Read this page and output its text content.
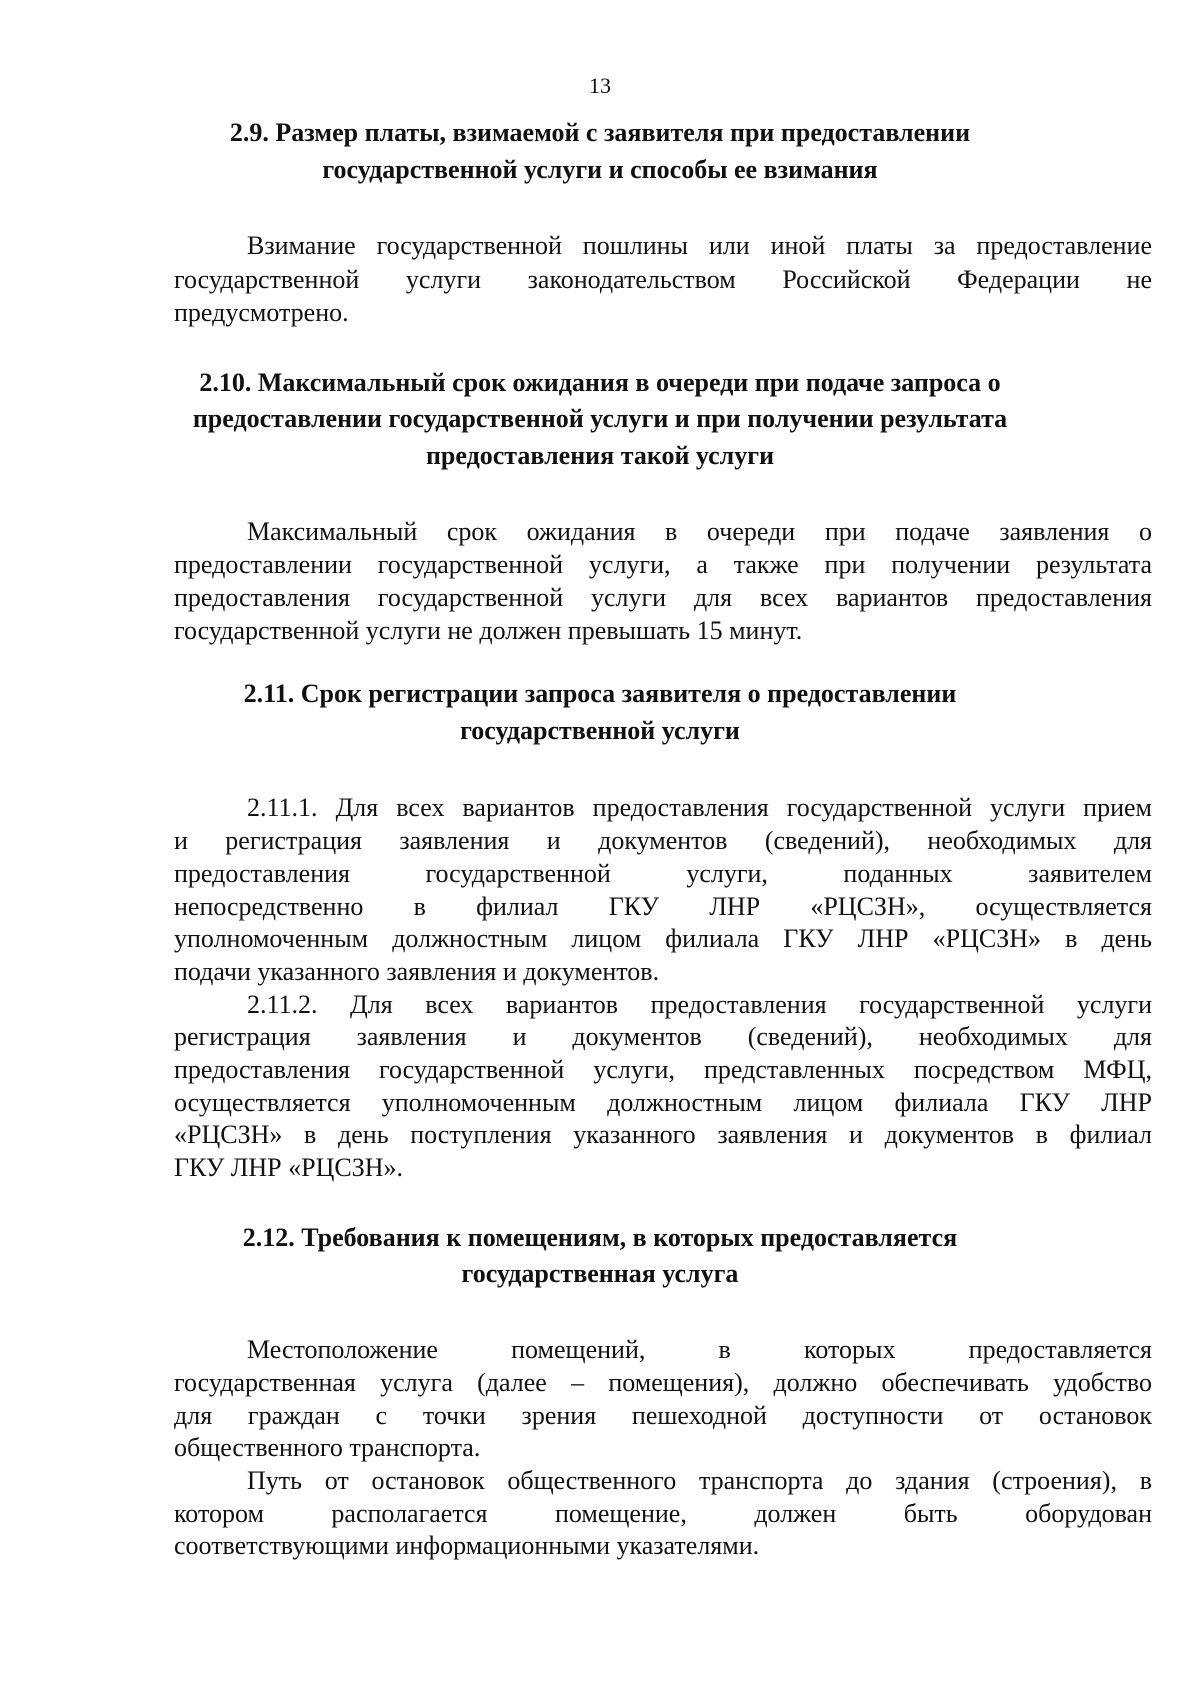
13
2.9. Размер платы, взимаемой с заявителя при предоставлении
государственной услуги и способы ее взимания
Взимание государственной пошлины или иной платы за предоставление
государственной услуги законодательством Российской Федерации не
предусмотрено.
2.10. Максимальный срок ожидания в очереди при подаче запроса о
предоставлении государственной услуги и при получении результата
предоставления такой услуги
Максимальный срок ожидания в очереди при подаче заявления о
предоставлении государственной услуги, а также при получении результата
предоставления государственной услуги для всех вариантов предоставления
государственной услуги не должен превышать 15 минут.
2.11. Срок регистрации запроса заявителя о предоставлении
государственной услуги
2.11.1. Для всех вариантов предоставления государственной услуги прием
и регистрация заявления и документов (сведений), необходимых для
предоставления государственной услуги, поданных заявителем
непосредственно в филиал ГКУ ЛНР «РЦСЗН», осуществляется
уполномоченным должностным лицом филиала ГКУ ЛНР «РЦСЗН» в день
подачи указанного заявления и документов.
2.11.2. Для всех вариантов предоставления государственной услуги
регистрация заявления и документов (сведений), необходимых для
предоставления государственной услуги, представленных посредством МФЦ,
осуществляется уполномоченным должностным лицом филиала ГКУ ЛНР
«РЦСЗН» в день поступления указанного заявления и документов в филиал
ГКУ ЛНР «РЦСЗН».
2.12. Требования к помещениям, в которых предоставляется
государственная услуга
Местоположение помещений, в которых предоставляется
государственная услуга (далее – помещения), должно обеспечивать удобство
для граждан с точки зрения пешеходной доступности от остановок
общественного транспорта.
Путь от остановок общественного транспорта до здания (строения), в
котором располагается помещение, должен быть оборудован
соответствующими информационными указателями.
